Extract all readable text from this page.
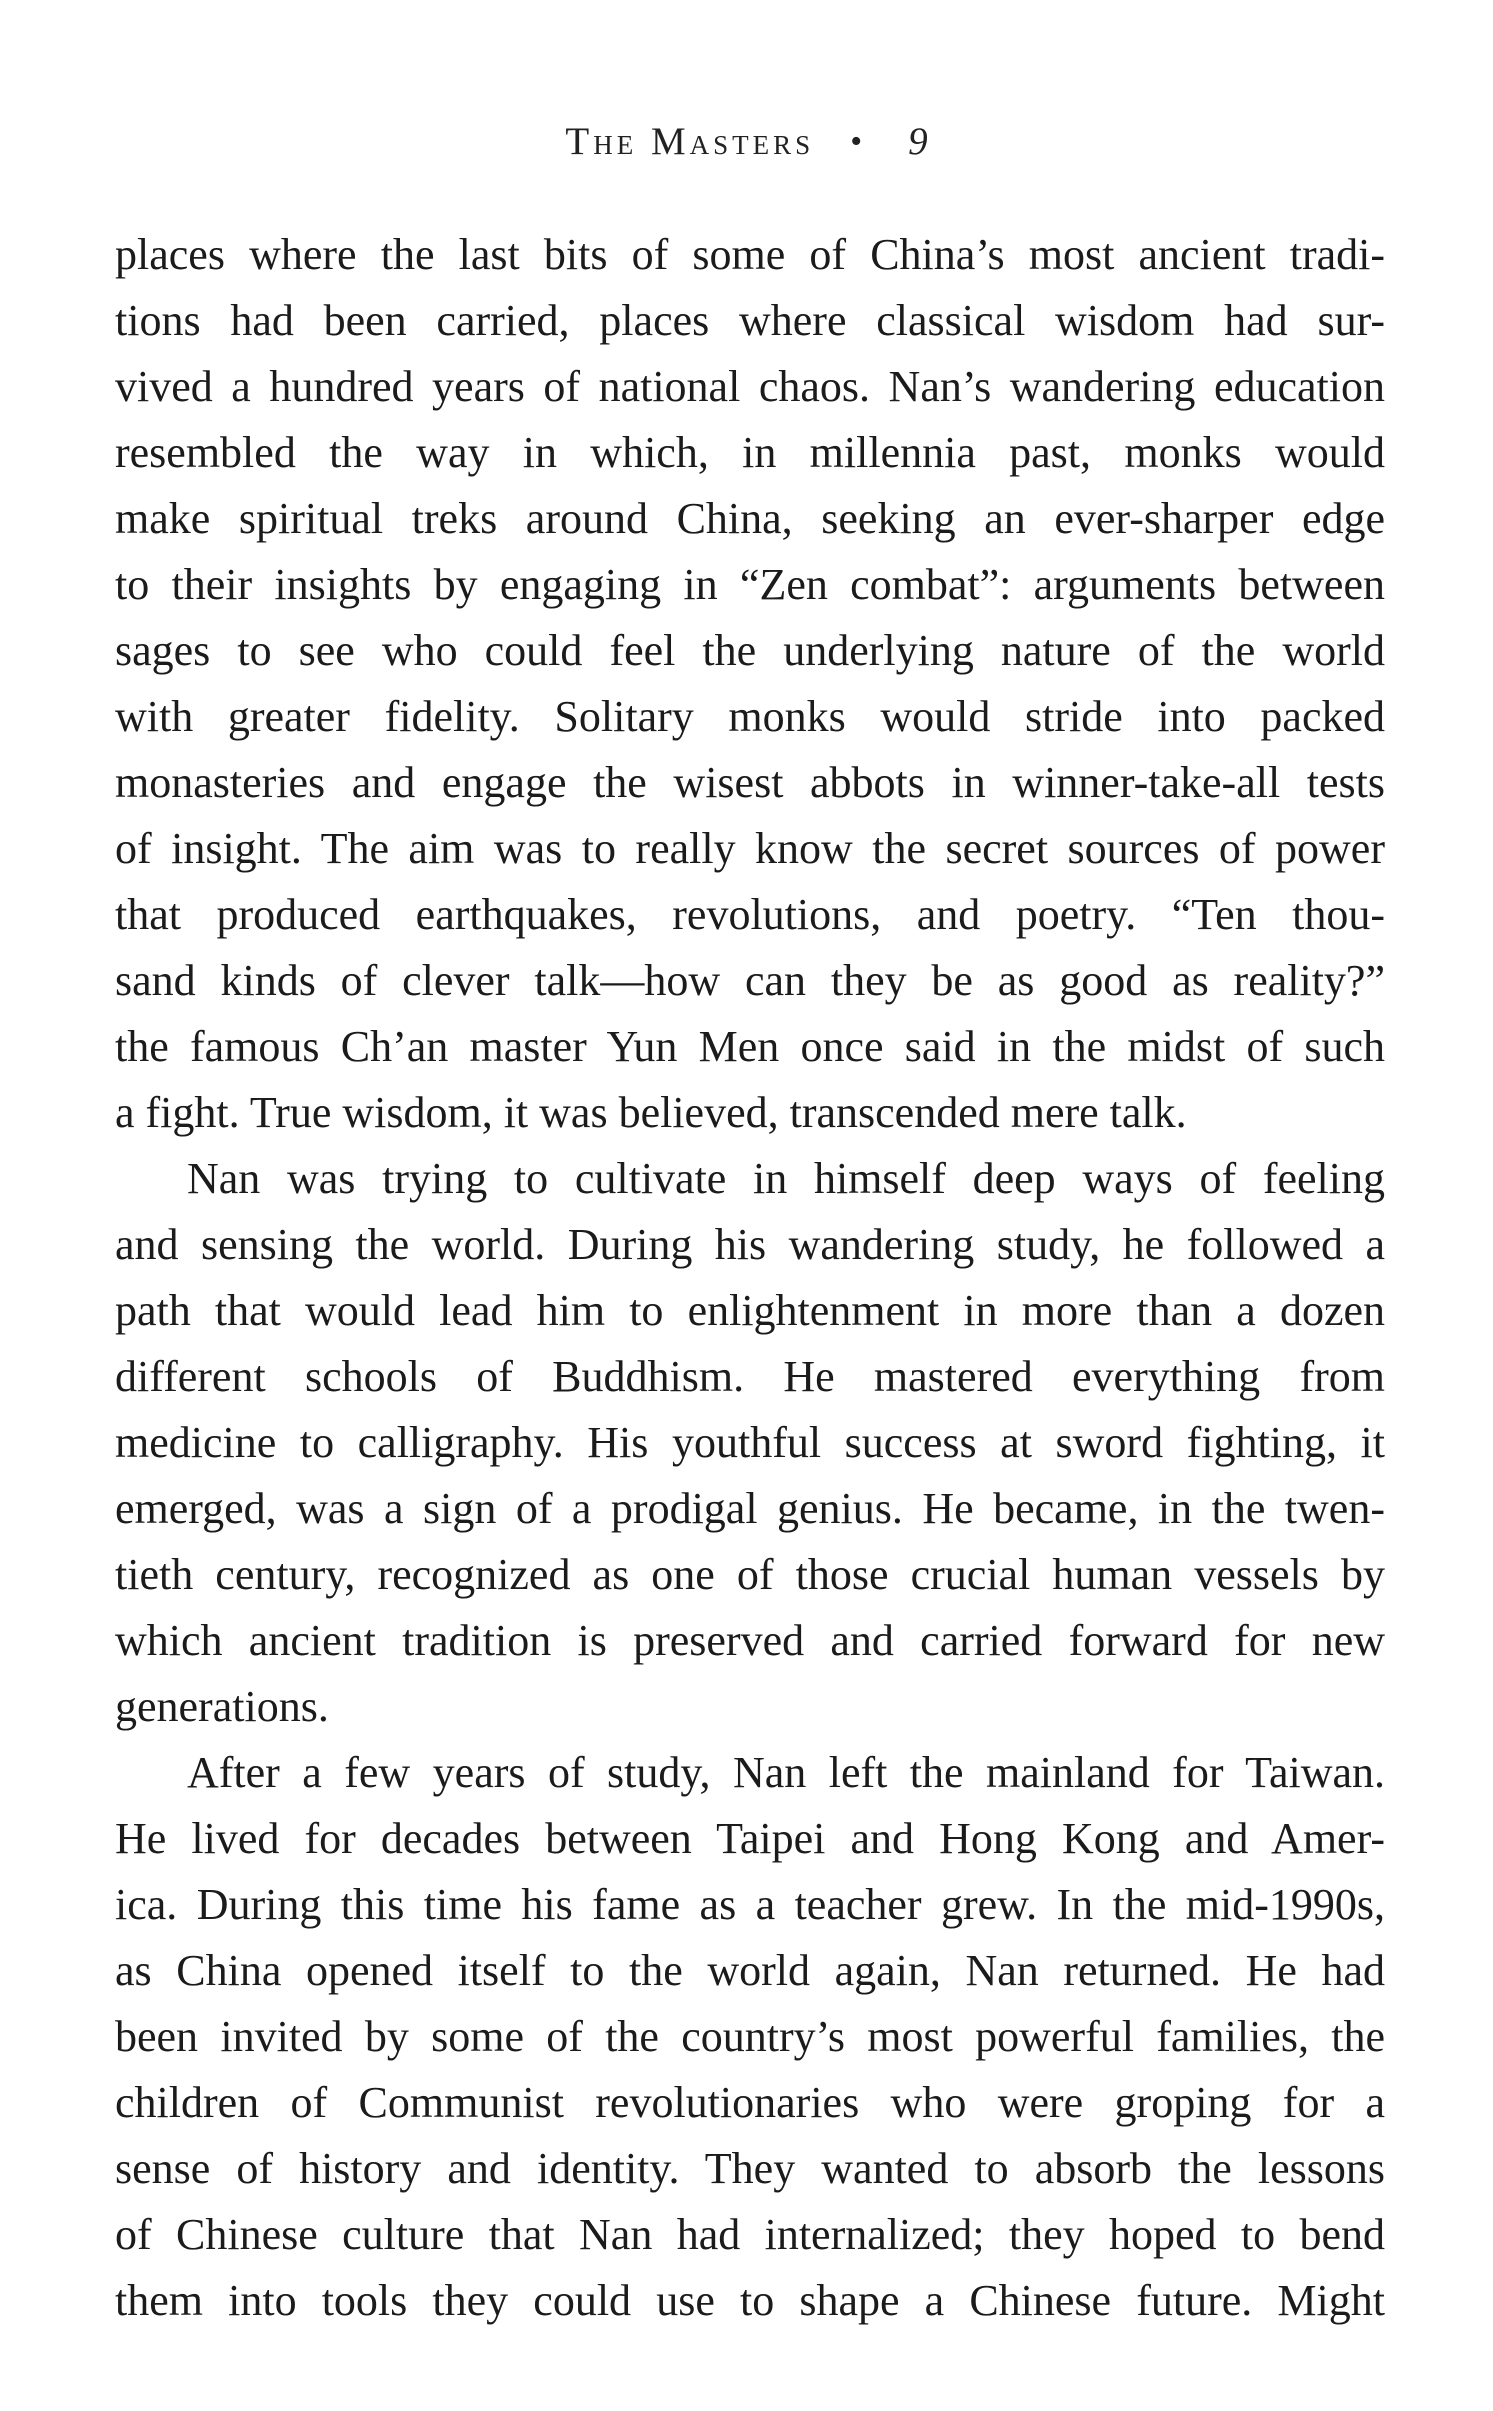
The Masters • 9
places where the last bits of some of China’s most ancient tradi-
tions had been carried, places where classical wisdom had sur-
vived a hundred years of national chaos. Nan’s wandering education
resembled the way in which, in millennia past, monks would
make spiritual treks around China, seeking an ever-sharper edge
to their insights by engaging in “Zen combat”: arguments between
sages to see who could feel the underlying nature of the world
with greater fidelity. Solitary monks would stride into packed
monasteries and engage the wisest abbots in winner-take-all tests
of insight. The aim was to really know the secret sources of power
that produced earthquakes, revolutions, and poetry. “Ten thou-
sand kinds of clever talk—how can they be as good as reality?”
the famous Ch’an master Yun Men once said in the midst of such
a fight. True wisdom, it was believed, transcended mere talk.
Nan was trying to cultivate in himself deep ways of feeling
and sensing the world. During his wandering study, he followed a
path that would lead him to enlightenment in more than a dozen
different schools of Buddhism. He mastered everything from
medicine to calligraphy. His youthful success at sword fighting, it
emerged, was a sign of a prodigal genius. He became, in the twen-
tieth century, recognized as one of those crucial human vessels by
which ancient tradition is preserved and carried forward for new
generations.
After a few years of study, Nan left the mainland for Taiwan.
He lived for decades between Taipei and Hong Kong and Amer-
ica. During this time his fame as a teacher grew. In the mid-1990s,
as China opened itself to the world again, Nan returned. He had
been invited by some of the country’s most powerful families, the
children of Communist revolutionaries who were groping for a
sense of history and identity. They wanted to absorb the lessons
of Chinese culture that Nan had internalized; they hoped to bend
them into tools they could use to shape a Chinese future. Might
